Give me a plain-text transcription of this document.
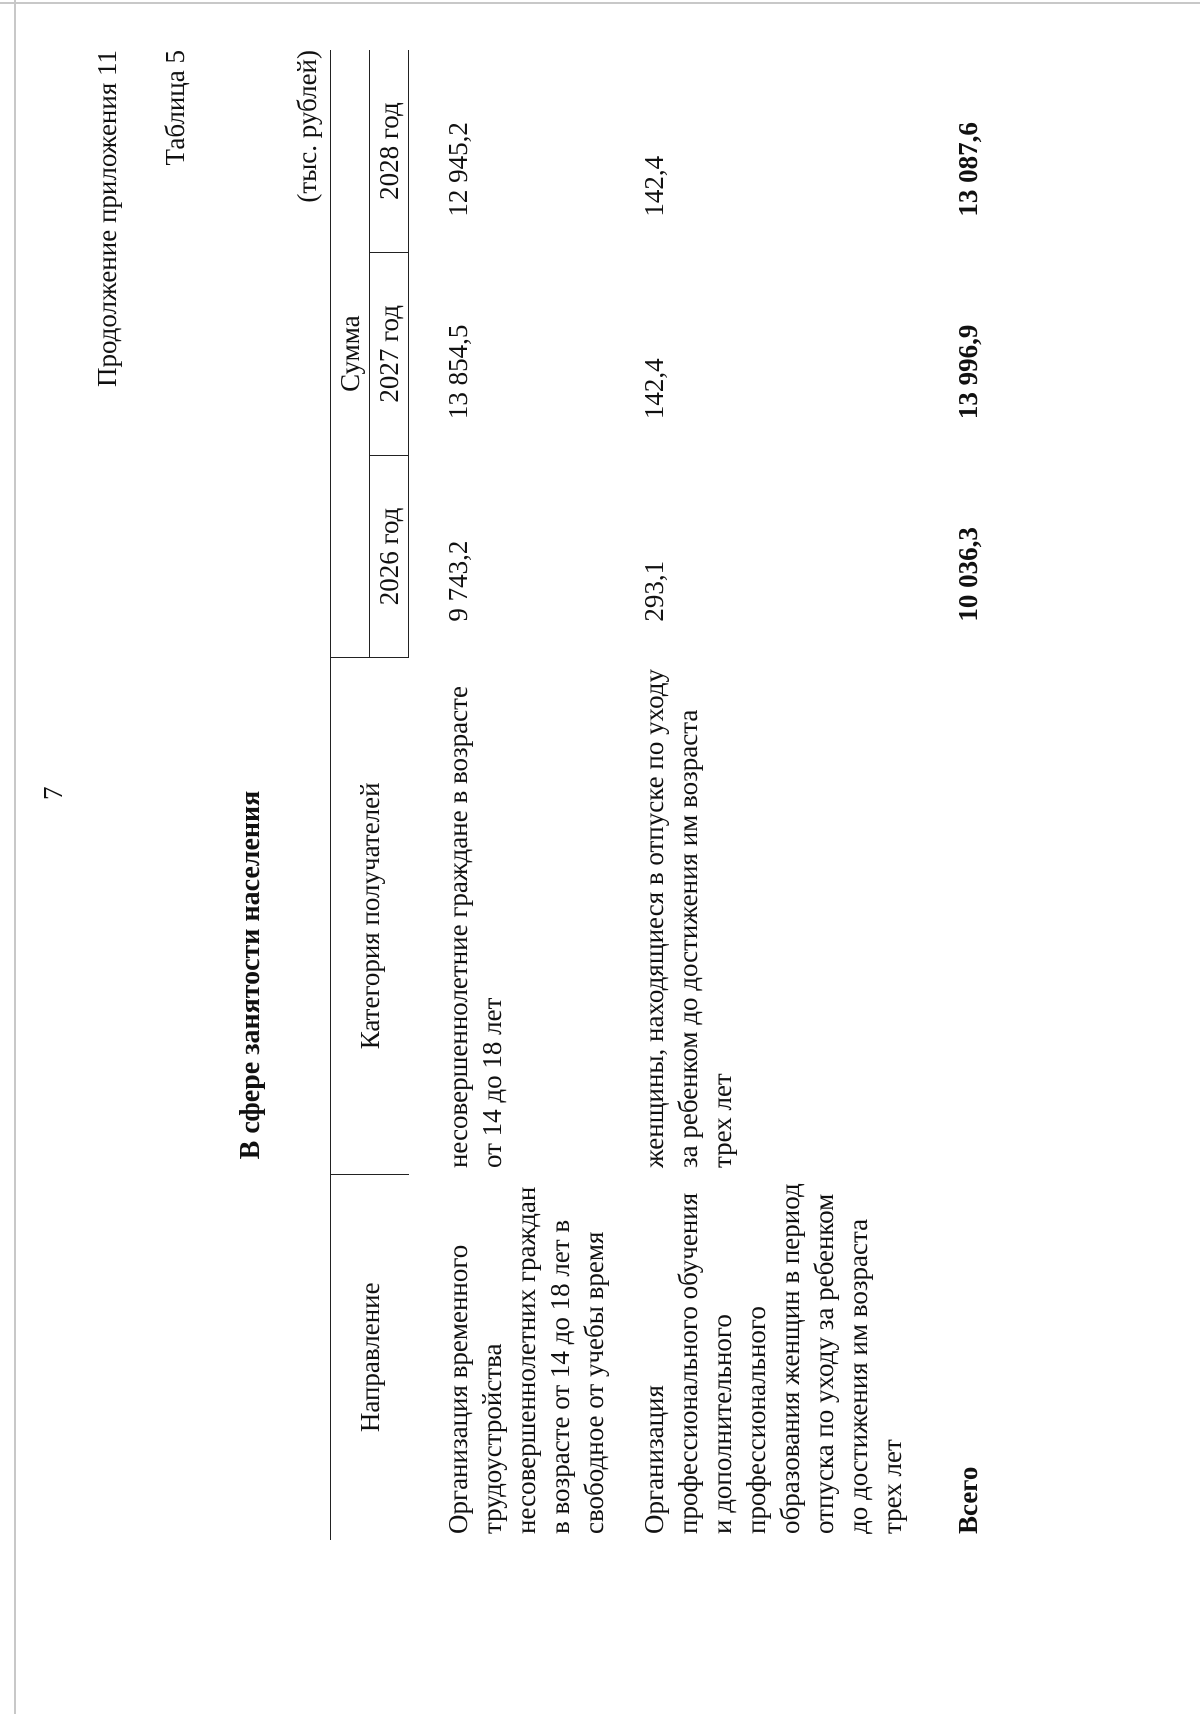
7
Продолжение приложения 11 Таблица 5
В сфере занятости населения
(тыс. рублей)
Направление	Категория получателей	Сумма		
		2026 год	2027 год	2028 год
Организация временного трудоустройства несовершеннолетних граждан в возрасте от 14 до 18 лет в свободное от учебы время	несовершеннолетние граждане в возрасте от 14 до 18 лет	9 743,2	13 854,5	12 945,2
Организация профессионального обучения и дополнительного профессионального образования женщин в период отпуска по уходу за ребенком до достижения им возраста трех лет	женщины, находящиеся в отпуске по уходу за ребенком до достижения им возраста трех лет	293,1	142,4	142,4
Всего		10 036,3	13 996,9	13 087,6
